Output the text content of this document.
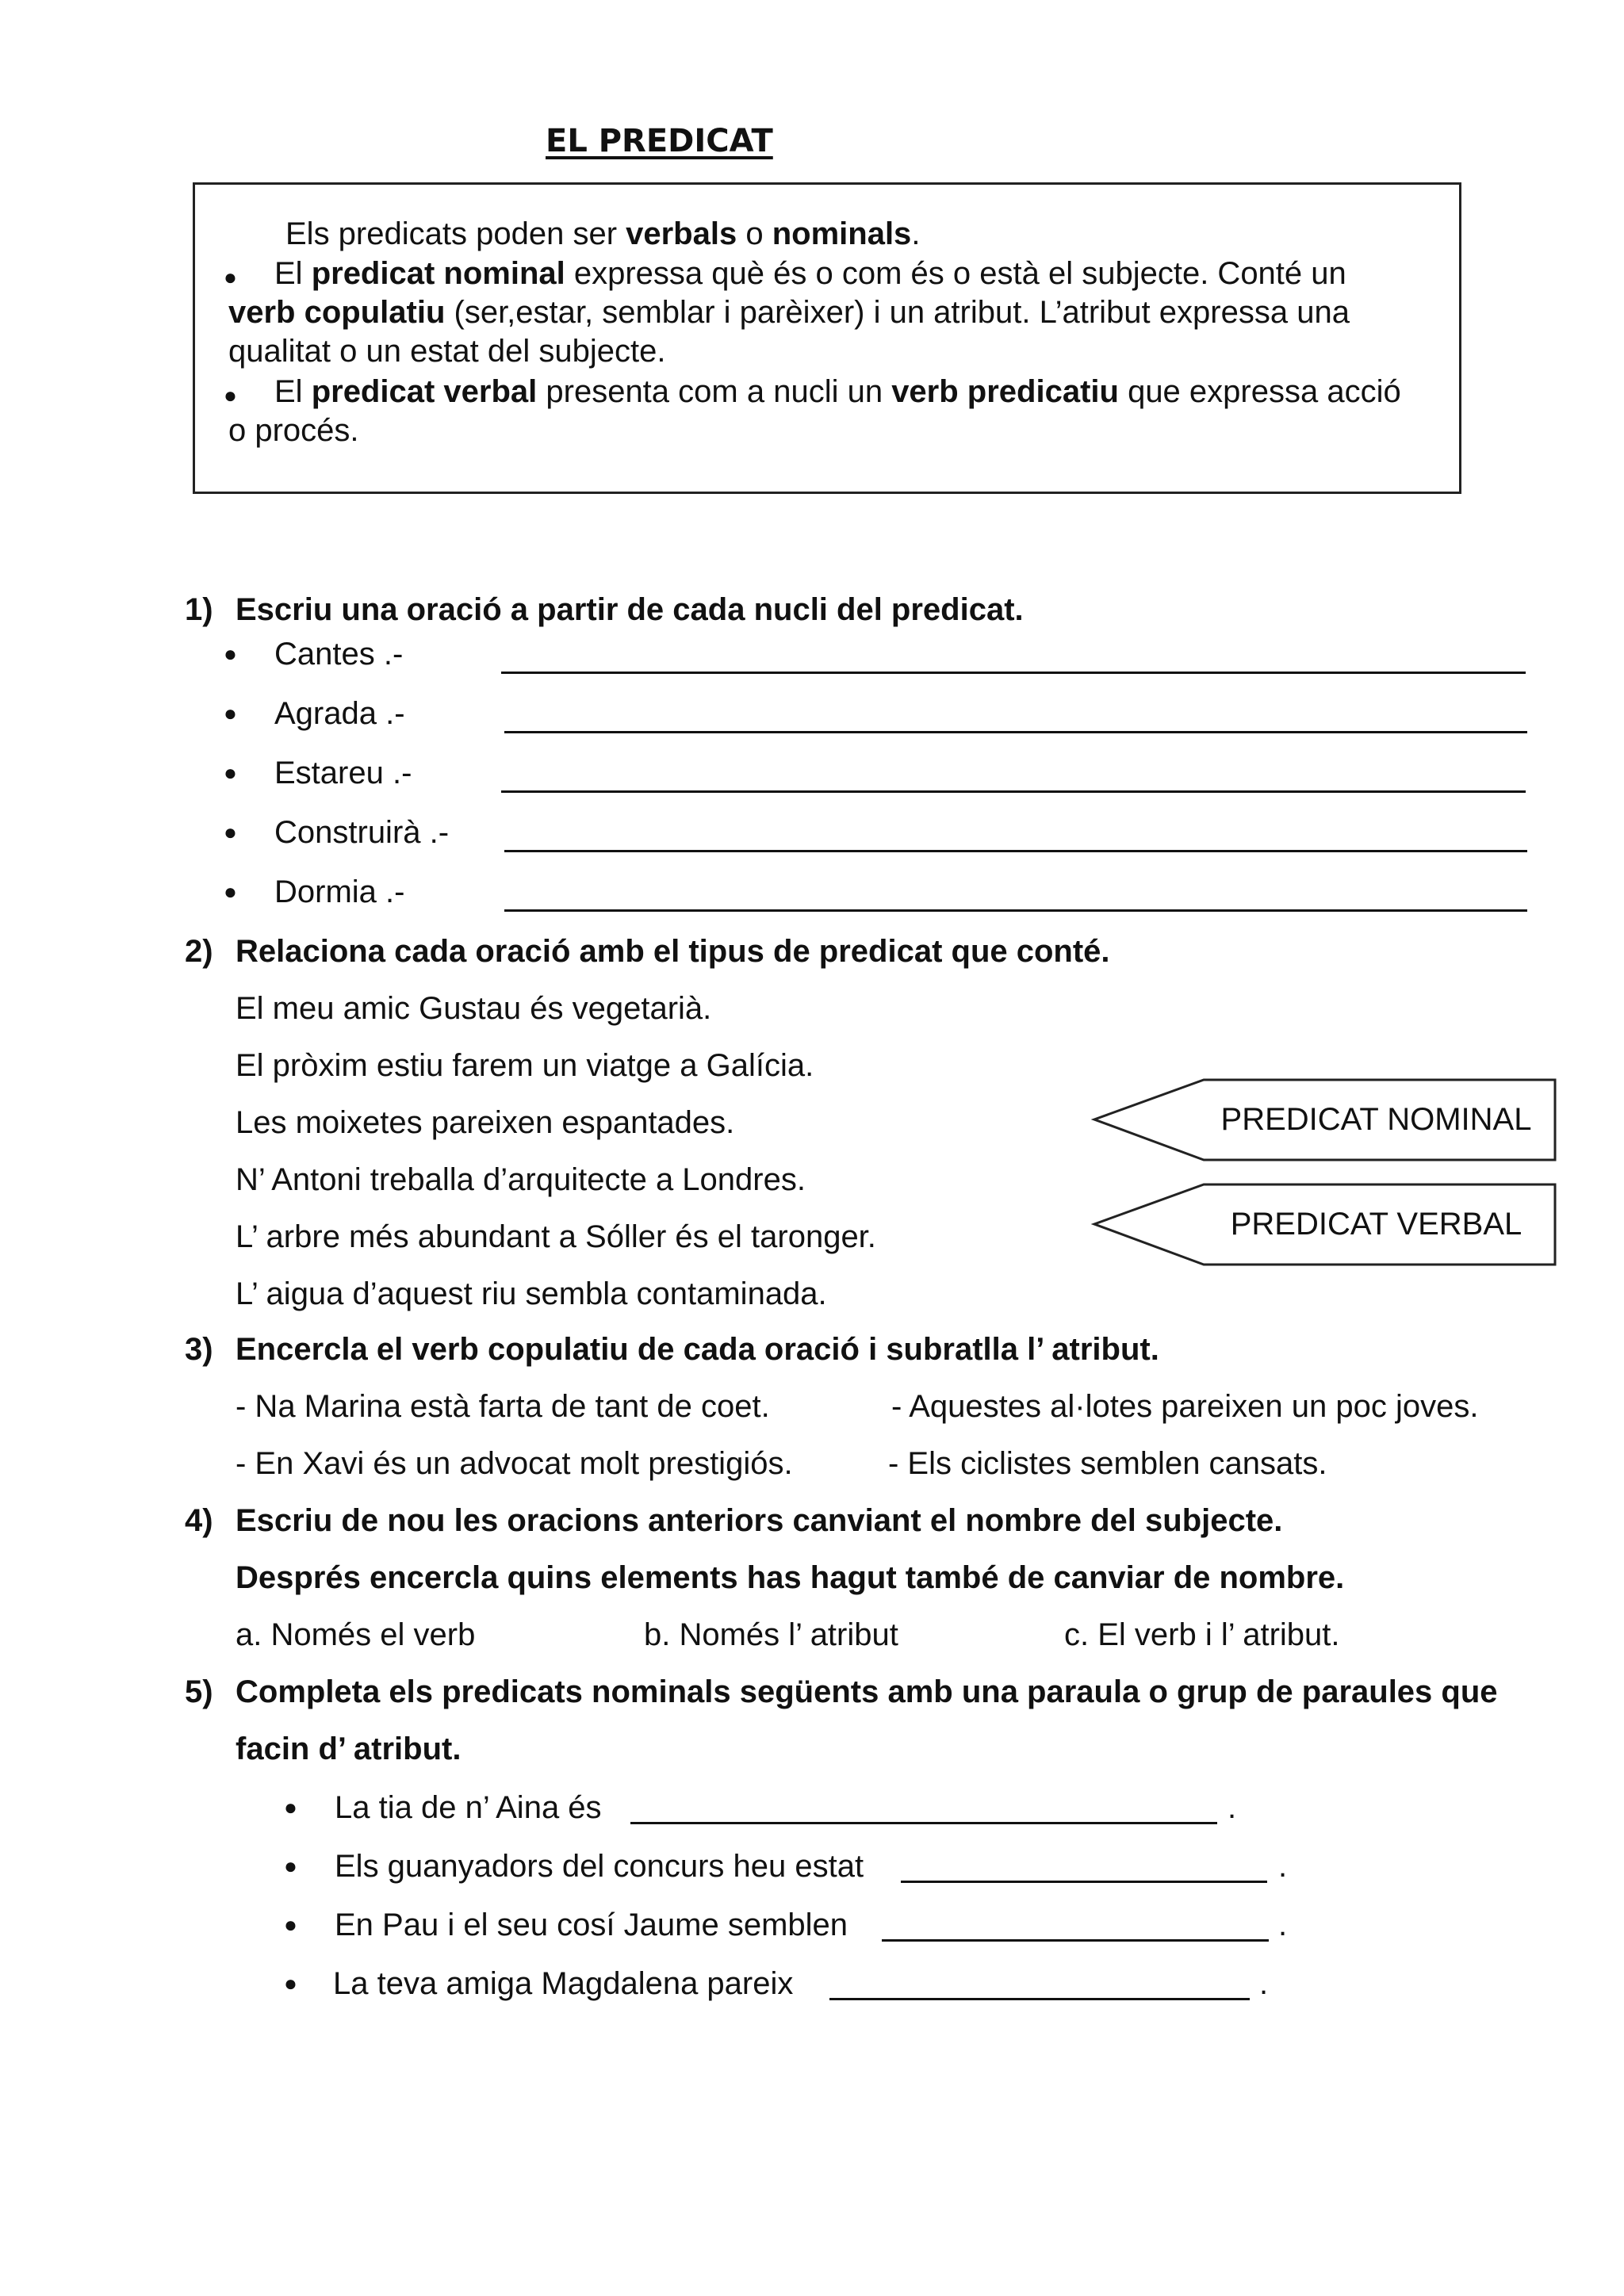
EL PREDICAT
Els predicats poden ser verbals o nominals.
● El predicat nominal expressa què és o com és o està el subjecte. Conté un
verb copulatiu (ser,estar, semblar i parèixer) i un atribut. L’atribut expressa una
qualitat o un estat del subjecte.
● El predicat verbal presenta com a nucli un verb predicatiu que expressa acció
o procés.
1) Escriu una oració a partir de cada nucli del predicat.
● Cantes .-
● Agrada .-
● Estareu .-
● Construirà .-
● Dormia .-
2) Relaciona cada oració amb el tipus de predicat que conté.
El meu amic Gustau és vegetarià.
El pròxim estiu farem un viatge a Galícia.
Les moixetes pareixen espantades.
N’ Antoni treballa d’arquitecte a Londres.
L’ arbre més abundant a Sóller és el taronger.
L’ aigua d’aquest riu sembla contaminada.
PREDICAT NOMINAL
PREDICAT VERBAL
3) Encercla el verb copulatiu de cada oració i subratlla l’ atribut.
- Na Marina està farta de tant de coet.	- Aquestes al·lotes pareixen un poc joves.
- En Xavi és un advocat molt prestigiós.	- Els ciclistes semblen cansats.
4) Escriu de nou les oracions anteriors canviant el nombre del subjecte.
Després encercla quins elements has hagut també de canviar de nombre.
a. Només el verb	b. Només l’ atribut	c. El verb i l’ atribut.
5) Completa els predicats nominals següents amb una paraula o grup de paraules que
facin d’ atribut.
● La tia de n’ Aina és	.
● Els guanyadors del concurs heu estat	.
● En Pau i el seu cosí Jaume semblen	.
● La teva amiga Magdalena pareix	.
